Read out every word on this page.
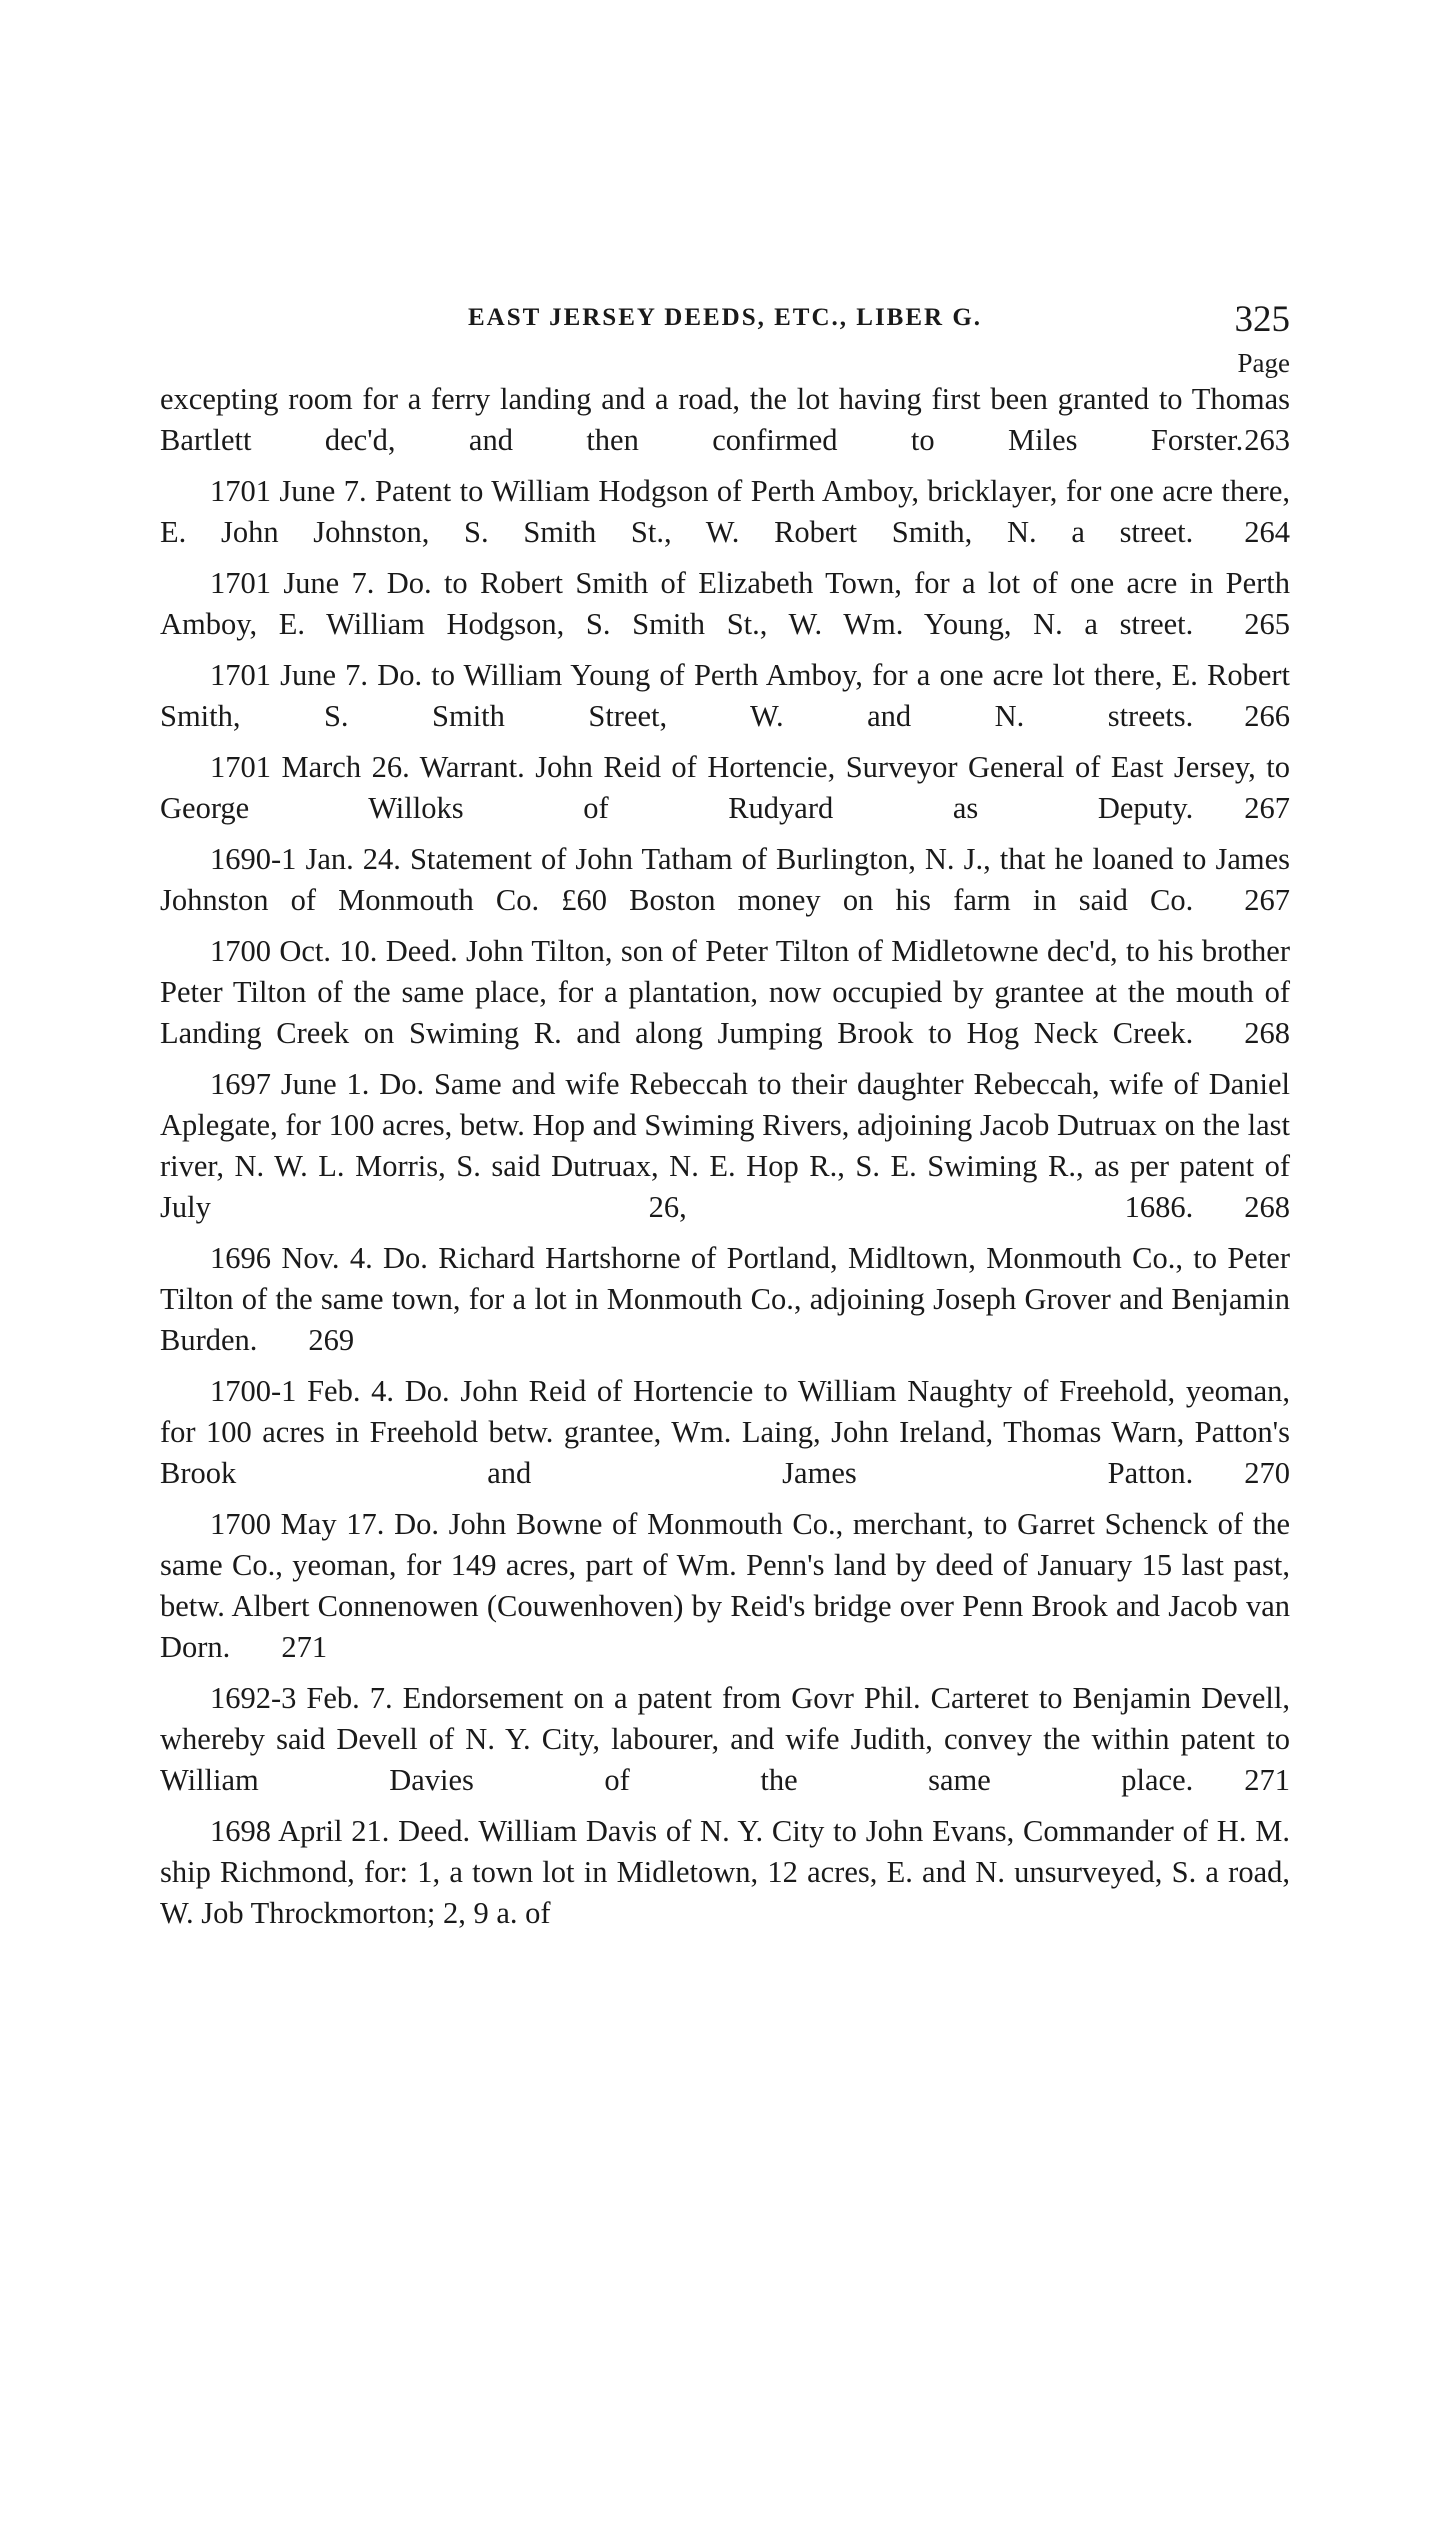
EAST JERSEY DEEDS, ETC., LIBER G.	325
Page

excepting room for a ferry landing and a road, the lot having first been granted to Thomas Bartlett dec'd, and then confirmed to Miles Forster.263

1701 June 7. Patent to William Hodgson of Perth Amboy, bricklayer, for one acre there, E. John Johnston, S. Smith St., W. Robert Smith, N. a street. 264

1701 June 7. Do. to Robert Smith of Elizabeth Town, for a lot of one acre in Perth Amboy, E. William Hodgson, S. Smith St., W. Wm. Young, N. a street. 265

1701 June 7. Do. to William Young of Perth Amboy, for a one acre lot there, E. Robert Smith, S. Smith Street, W. and N. streets. 266

1701 March 26. Warrant. John Reid of Hortencie, Surveyor General of East Jersey, to George Willoks of Rudyard as Deputy. 267

1690-1 Jan. 24. Statement of John Tatham of Burlington, N. J., that he loaned to James Johnston of Monmouth Co. £60 Boston money on his farm in said Co. 267

1700 Oct. 10. Deed. John Tilton, son of Peter Tilton of Midletowne dec'd, to his brother Peter Tilton of the same place, for a plantation, now occupied by grantee at the mouth of Landing Creek on Swiming R. and along Jumping Brook to Hog Neck Creek. 268

1697 June 1. Do. Same and wife Rebeccah to their daughter Rebeccah, wife of Daniel Aplegate, for 100 acres, betw. Hop and Swiming Rivers, adjoining Jacob Dutruax on the last river, N. W. L. Morris, S. said Dutruax, N. E. Hop R., S. E. Swiming R., as per patent of July 26, 1686. 268

1696 Nov. 4. Do. Richard Hartshorne of Portland, Midltown, Monmouth Co., to Peter Tilton of the same town, for a lot in Monmouth Co., adjoining Joseph Grover and Benjamin Burden. 269

1700-1 Feb. 4. Do. John Reid of Hortencie to William Naughty of Freehold, yeoman, for 100 acres in Freehold betw. grantee, Wm. Laing, John Ireland, Thomas Warn, Patton's Brook and James Patton. 270

1700 May 17. Do. John Bowne of Monmouth Co., merchant, to Garret Schenck of the same Co., yeoman, for 149 acres, part of Wm. Penn's land by deed of January 15 last past, betw. Albert Connenowen (Couwenhoven) by Reid's bridge over Penn Brook and Jacob van Dorn. 271

1692-3 Feb. 7. Endorsement on a patent from Govr Phil. Carteret to Benjamin Devell, whereby said Devell of N. Y. City, labourer, and wife Judith, convey the within patent to William Davies of the same place. 271

1698 April 21. Deed. William Davis of N. Y. City to John Evans, Commander of H. M. ship Richmond, for: 1, a town lot in Midletown, 12 acres, E. and N. unsurveyed, S. a road, W. Job Throckmorton; 2, 9 a. of
